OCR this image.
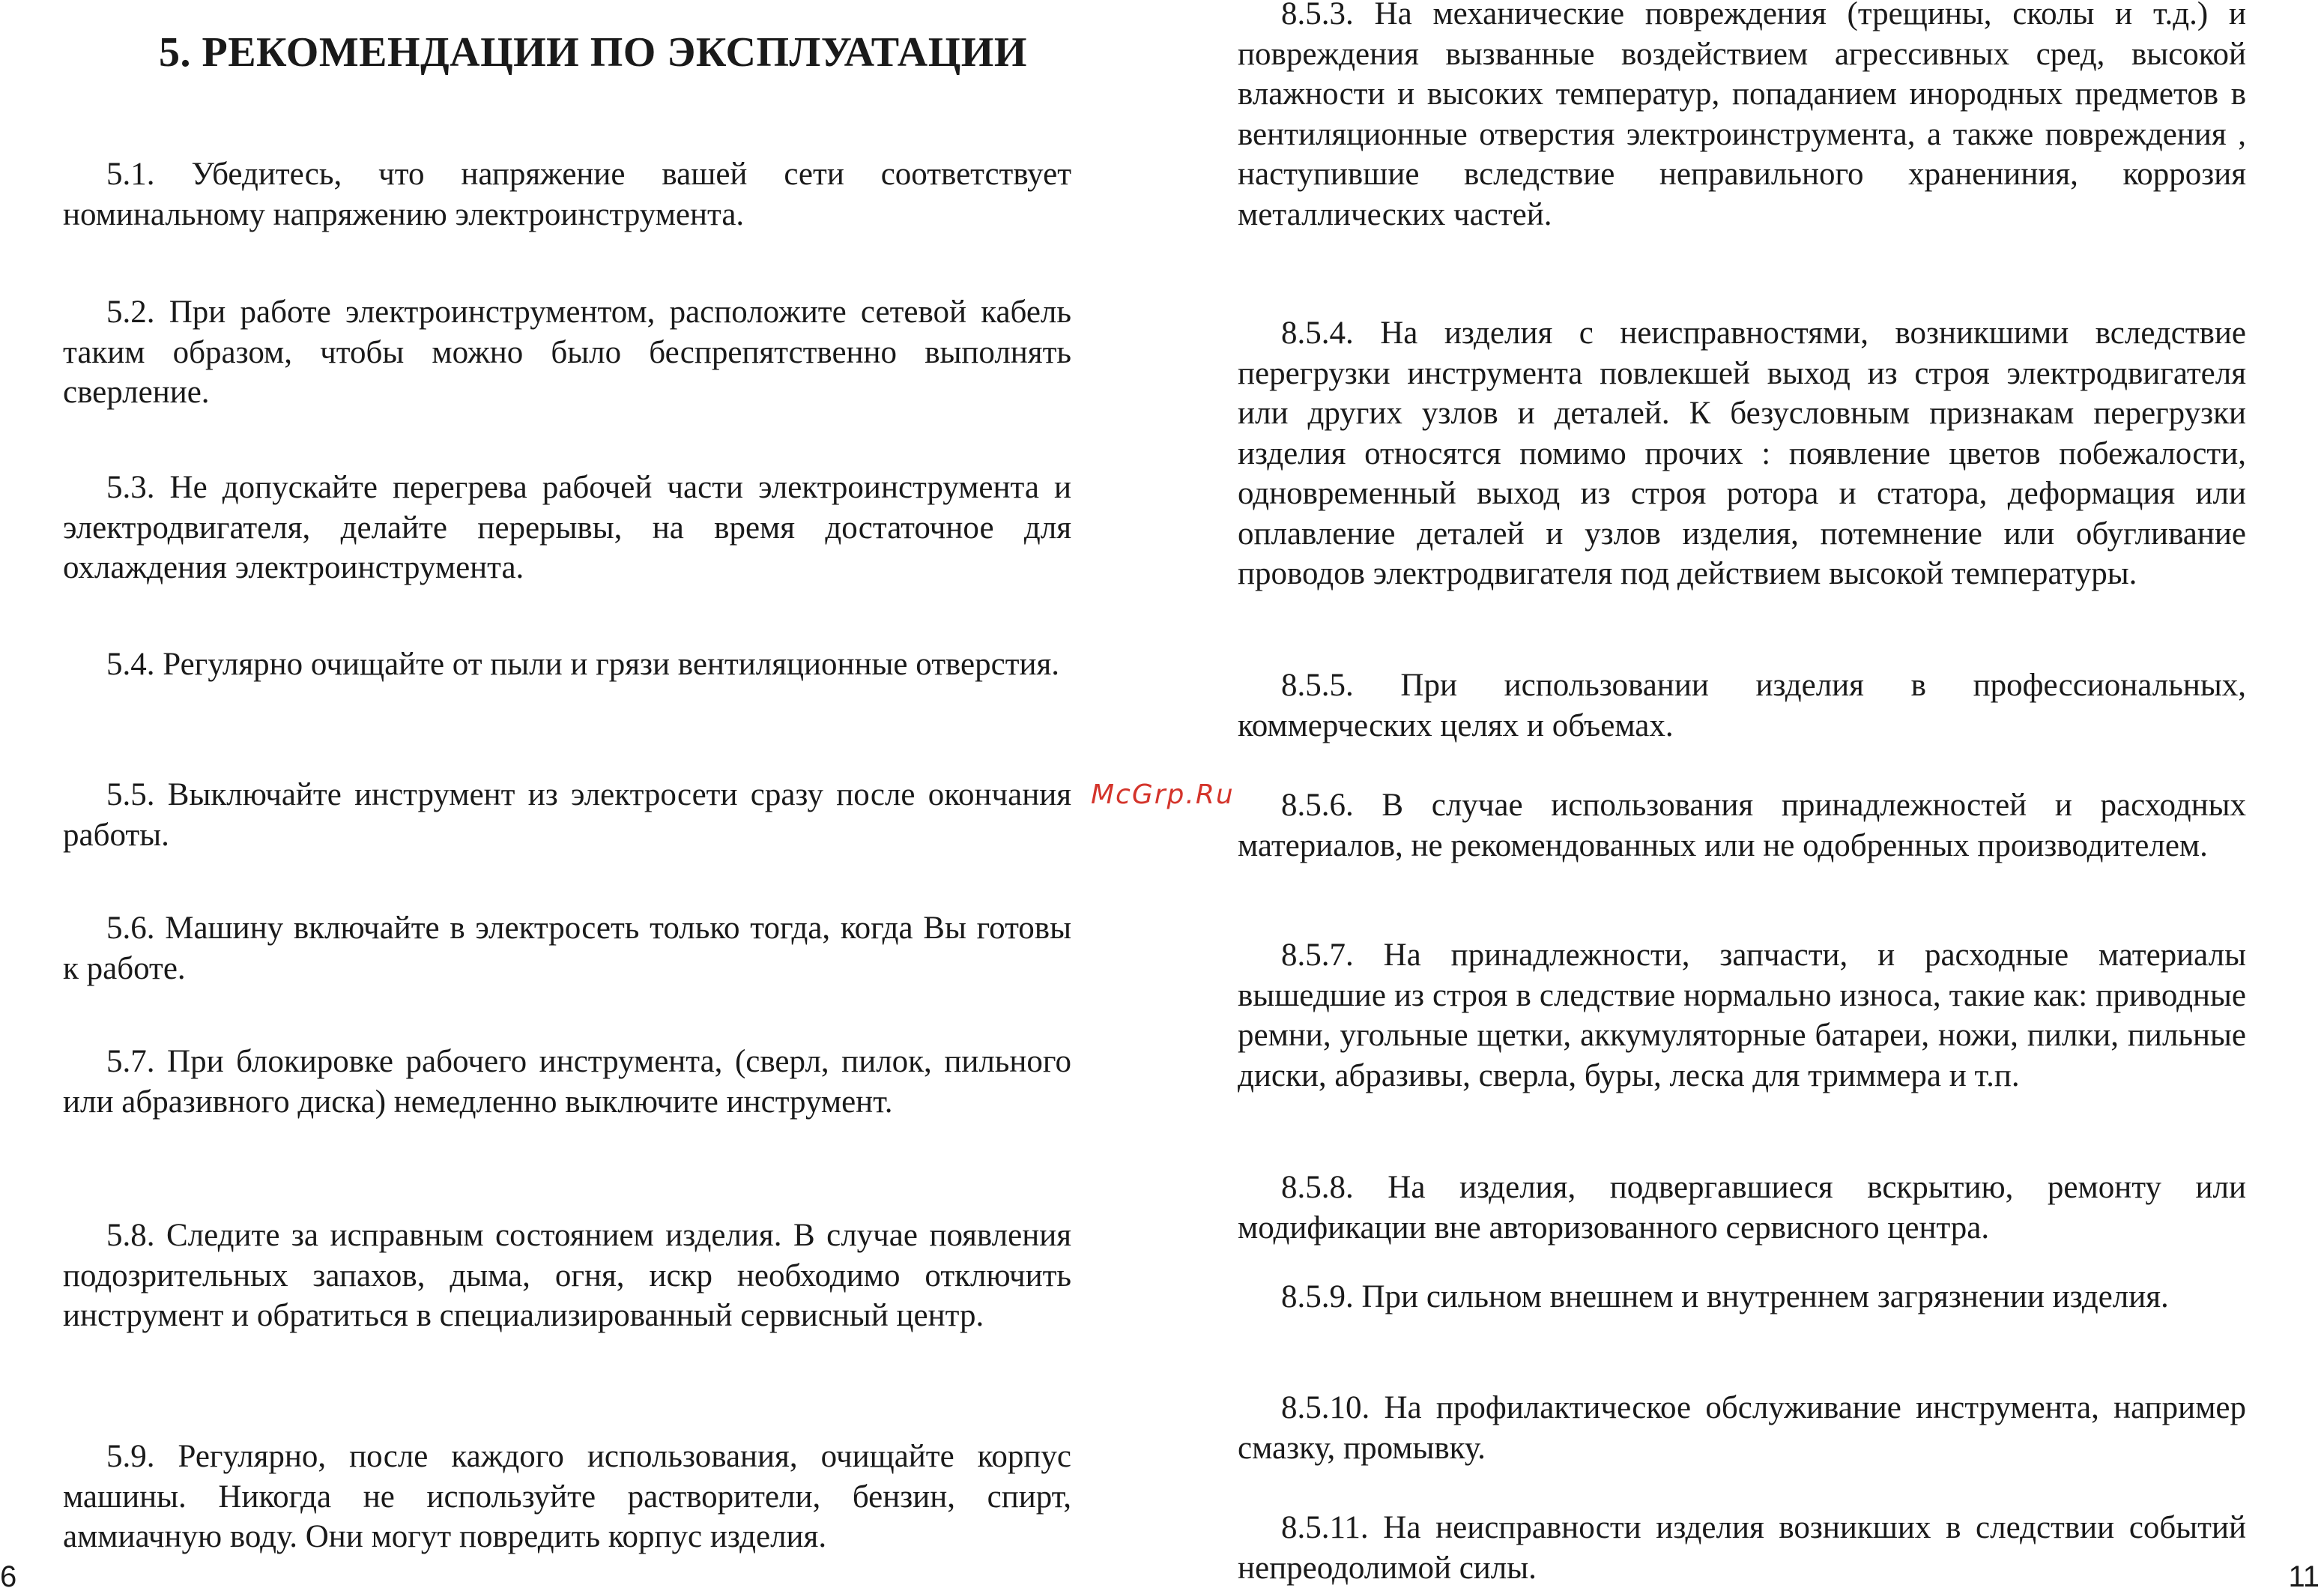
5. РЕКОМЕНДАЦИИ ПО ЭКСПЛУАТАЦИИ

5.1. Убедитесь, что напряжение вашей сети соответствует номинальному напряжению электроинструмента.

5.2. При работе электроинструментом, расположите сетевой кабель таким образом, чтобы можно было беспрепятственно выполнять сверление.

5.3. Не допускайте перегрева рабочей части электроинструмента и электродвигателя, делайте перерывы, на время достаточное для охлаждения электроинструмента.

5.4. Регулярно очищайте от пыли и грязи вентиляционные отверстия.

5.5. Выключайте инструмент из электросети сразу после окончания работы.

5.6. Машину включайте в электросеть только тогда, когда Вы готовы к работе.

5.7. При блокировке рабочего инструмента, (сверл, пилок, пильного или абразивного диска) немедленно выключите инструмент.

5.8. Следите за исправным состоянием изделия. В случае появления подозрительных запахов, дыма, огня, искр необходимо отключить инструмент и обратиться в специализированный сервисный центр.

5.9. Регулярно, после каждого использования, очищайте корпус машины. Никогда не используйте растворители, бензин, спирт, аммиачную воду. Они могут повредить корпус изделия.

6

McGrp.Ru

8.5.3. На механические повреждения (трещины, сколы и т.д.) и повреждения вызванные воздействием агрессивных сред, высокой влажности и высоких температур, попаданием инородных предметов в вентиляционные отверстия электроинструмента, а также повреждения , наступившие вследствие неправильного хранениния, коррозия металлических частей.

8.5.4. На изделия с неисправностями, возникшими вследствие перегрузки инструмента повлекшей выход из строя электродвигателя или других узлов и деталей. К безусловным признакам перегрузки изделия относятся помимо прочих : появление цветов побежалости, одновременный выход из строя ротора и статора, деформация или оплавление деталей и узлов изделия, потемнение или обугливание проводов электродвигателя под действием высокой температуры.

8.5.5. При использовании изделия в профессиональных, коммерческих целях и объемах.

8.5.6. В случае использования принадлежностей и расходных материалов, не рекомендованных или не одобренных производителем.

8.5.7. На принадлежности, запчасти, и расходные материалы вышедшие из строя в следствие нормально износа, такие как: приводные ремни, угольные щетки, аккумуляторные батареи, ножи, пилки, пильные диски, абразивы, сверла, буры, леска для триммера и т.п.

8.5.8. На изделия, подвергавшиеся вскрытию, ремонту или модификации вне авторизованного сервисного центра.

8.5.9. При сильном внешнем и внутреннем загрязнении изделия.

8.5.10. На профилактическое обслуживание инструмента, например смазку, промывку.

8.5.11. На неисправности изделия возникших в следствии событий непреодолимой силы.	11
